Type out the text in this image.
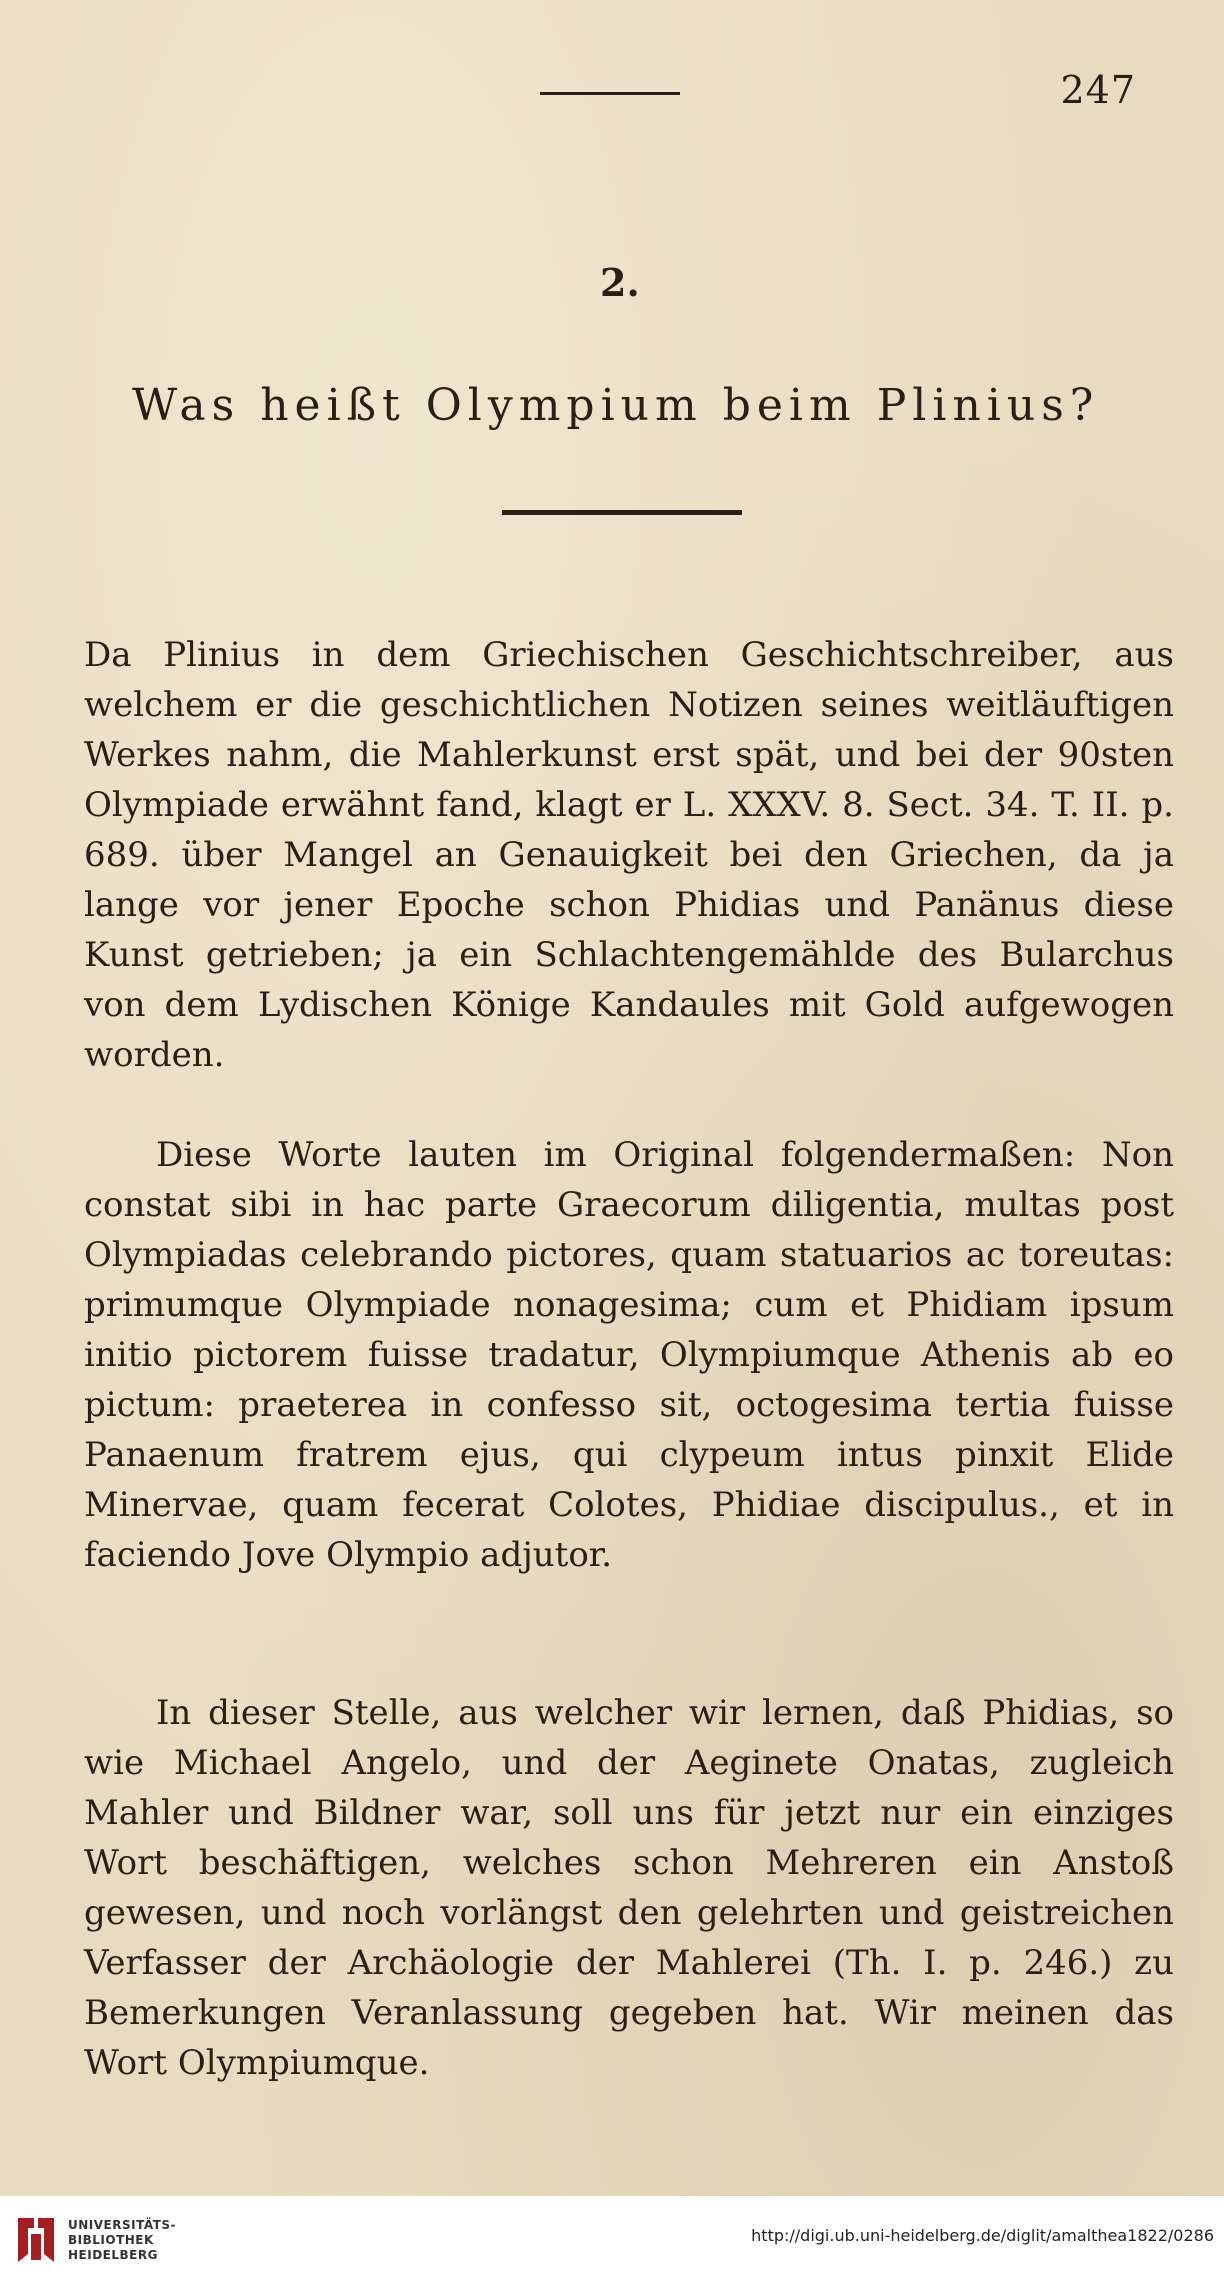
247
2.
Was heißt Olympium beim Plinius?
Da Plinius in dem Griechischen Geschichtschreiber, aus welchem er die geschichtlichen Notizen seines weitläuftigen Werkes nahm, die Mahlerkunst erst spät, und bei der 90sten Olympiade erwähnt fand, klagt er L. XXXV. 8. Sect. 34. T. II. p. 689. über Mangel an Genauigkeit bei den Griechen, da ja lange vor jener Epoche schon Phidias und Panänus diese Kunst getrieben; ja ein Schlachtengemählde des Bularchus von dem Lydischen Könige Kandaules mit Gold aufgewogen worden.
Diese Worte lauten im Original folgendermaßen: Non constat sibi in hac parte Graecorum diligentia, multas post Olympiadas celebrando pictores, quam statuarios ac toreutas: primumque Olympiade nonagesima; cum et Phidiam ipsum initio pictorem fuisse tradatur, Olympiumque Athenis ab eo pictum: praeterea in confesso sit, octogesima tertia fuisse Panaenum fratrem ejus, qui clypeum intus pinxit Elide Minervae, quam fecerat Colotes, Phidiae discipulus., et in faciendo Jove Olympio adjutor.
In dieser Stelle, aus welcher wir lernen, daß Phidias, so wie Michael Angelo, und der Aeginete Onatas, zugleich Mahler und Bildner war, soll uns für jetzt nur ein einziges Wort beschäftigen, welches schon Mehreren ein Anstoß gewesen, und noch vorlängst den gelehrten und geistreichen Verfasser der Archäologie der Mahlerei (Th. I. p. 246.) zu Bemerkungen Veranlassung gegeben hat. Wir meinen das Wort Olympiumque.
UNIVERSITÄTS-
BIBLIOTHEK
HEIDELBERG
http://digi.ub.uni-heidelberg.de/diglit/amalthea1822/0286
